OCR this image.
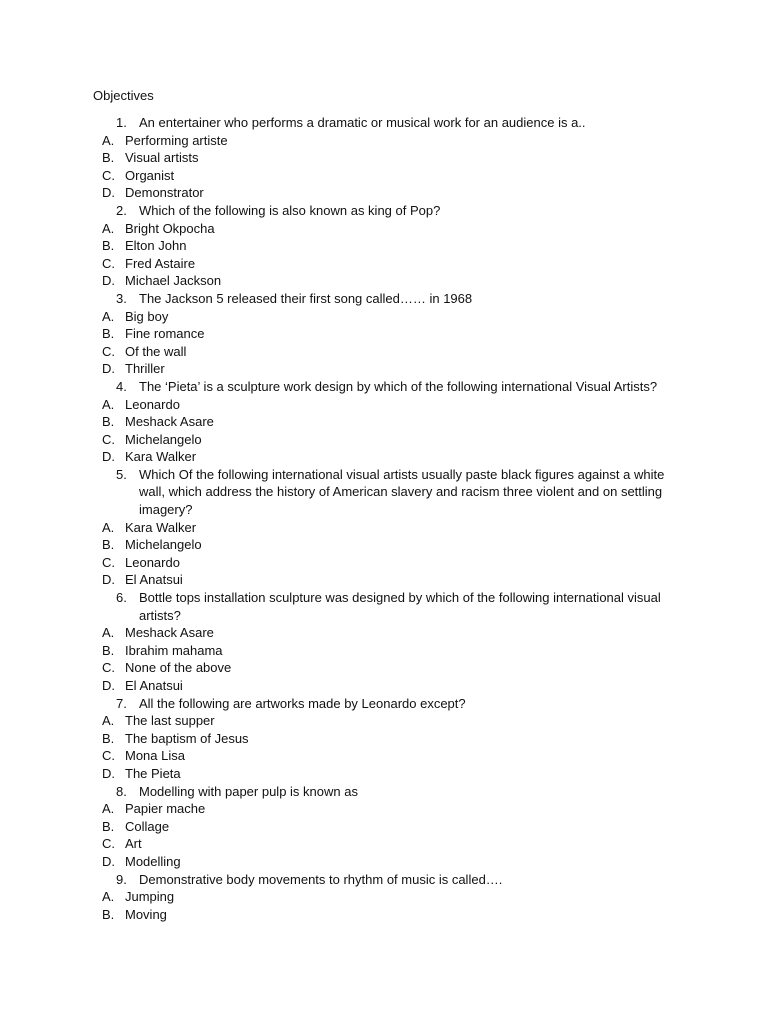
Objectives
1. An entertainer who performs a dramatic or musical work for an audience is a..
A. Performing artiste
B. Visual artists
C. Organist
D. Demonstrator
2. Which of the following is also known as king of Pop?
A. Bright Okpocha
B. Elton John
C. Fred Astaire
D. Michael Jackson
3. The Jackson 5 released their first song called…… in 1968
A. Big boy
B. Fine romance
C. Of the wall
D. Thriller
4. The ‘Pieta’ is a sculpture work design by which of the following international Visual Artists?
A. Leonardo
B. Meshack Asare
C. Michelangelo
D. Kara Walker
5. Which Of the following international visual artists usually paste black figures against a white wall, which address the history of American slavery and racism three violent and on settling imagery?
A. Kara Walker
B. Michelangelo
C. Leonardo
D. El Anatsui
6. Bottle tops installation sculpture was designed by which of the following international visual artists?
A. Meshack Asare
B. Ibrahim mahama
C. None of the above
D. El Anatsui
7. All the following are artworks made by Leonardo except?
A. The last supper
B. The baptism of Jesus
C. Mona Lisa
D. The Pieta
8. Modelling with paper pulp is known as
A. Papier mache
B. Collage
C. Art
D. Modelling
9. Demonstrative body movements to rhythm of music is called….
A. Jumping
B. Moving
